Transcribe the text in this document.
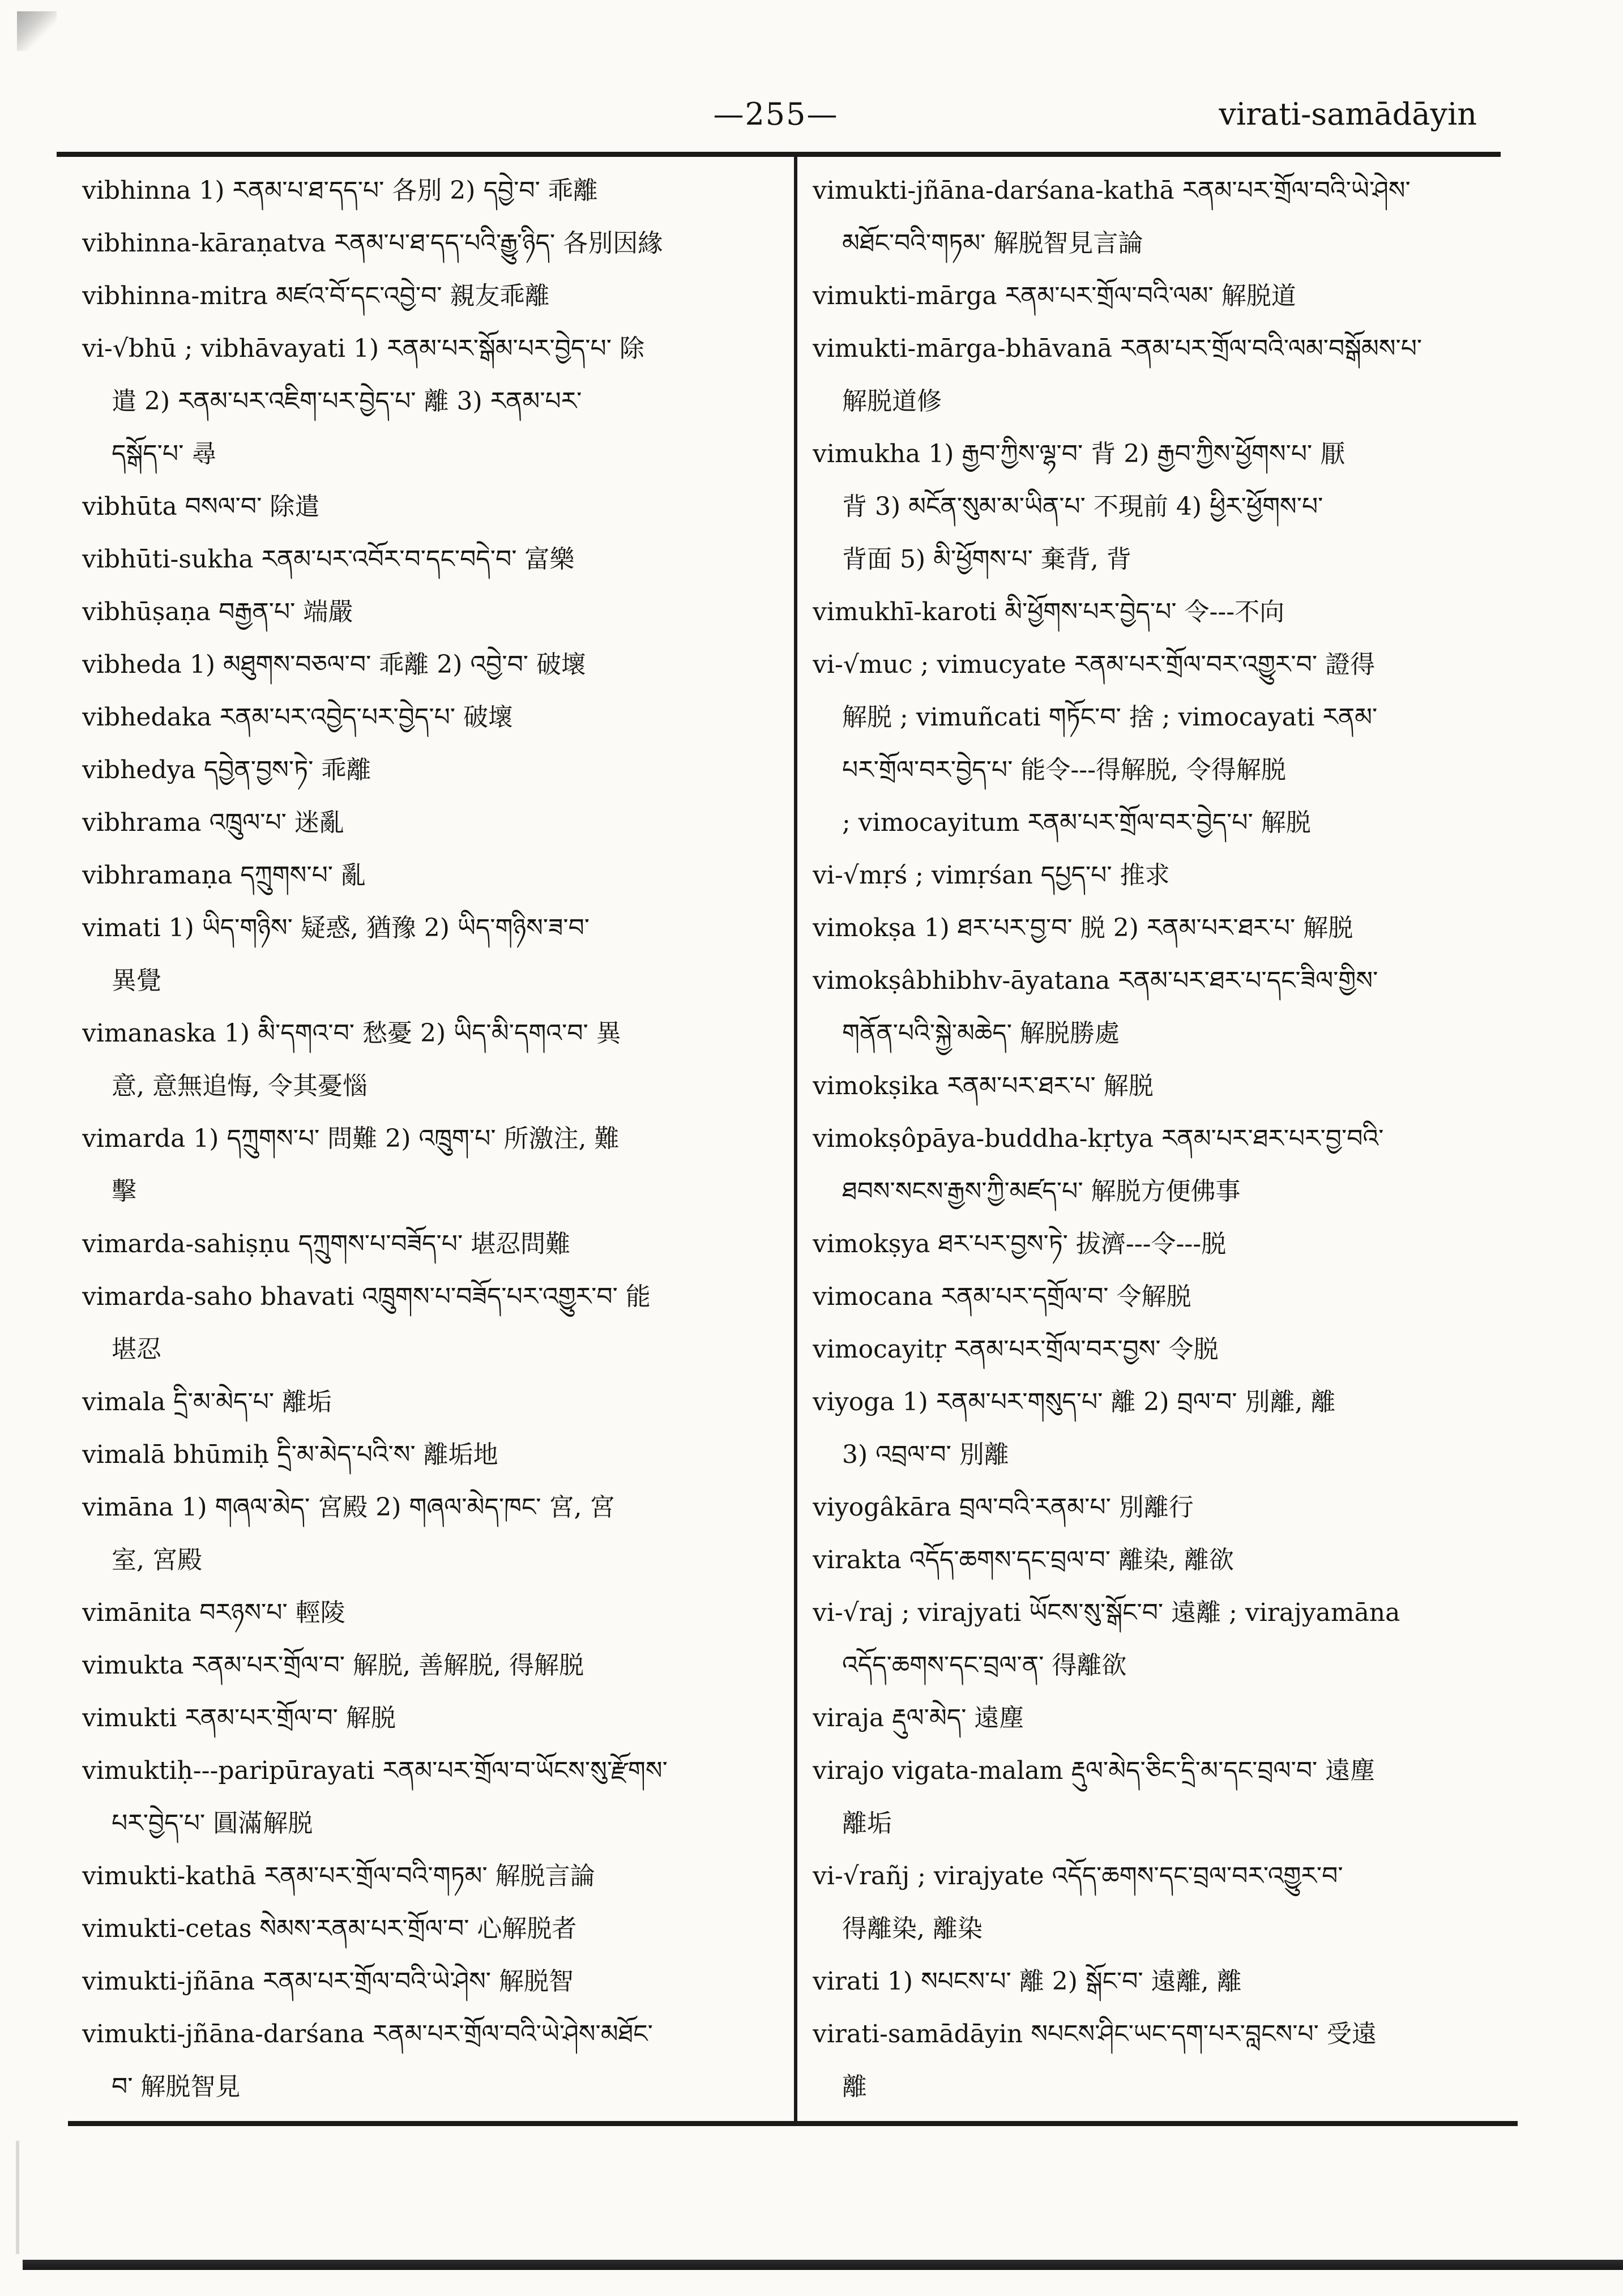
—255—	virati-samādāyin
vibhinna 1) རནམ་པ་ཐ་དད་པ་ 各別 2) དབྱེ་བ་ 乖離
vibhinna-kāraṇatva རནམ་པ་ཐ་དད་པའི་རྒྱུ་ཉིད་ 各別因緣
vibhinna-mitra མཛའ་བོ་དང་འབྱེ་བ་ 親友乖離
vi-√bhū ; vibhāvayati 1) རནམ་པར་སྒོམ་པར་བྱེད་པ་ 除
遣 2) རནམ་པར་འཇིག་པར་བྱེད་པ་ 離 3) རནམ་པར་
དསྒོད་པ་ 尋
vibhūta བསལ་བ་ 除遣
vibhūti-sukha རནམ་པར་འབོར་བ་དང་བདེ་བ་ 富樂
vibhūṣaṇa བརྒྱན་པ་ 端嚴
vibheda 1) མཐུགས་བཅལ་བ་ 乖離 2) འབྱེ་བ་ 破壞
vibhedaka རནམ་པར་འབྱེད་པར་བྱེད་པ་ 破壞
vibhedya དབྱེན་བྱས་ཏེ་ 乖離
vibhrama འཁྲུལ་པ་ 迷亂
vibhramaṇa དཀྲུགས་པ་ 亂
vimati 1) ཡིད་གཉིས་ 疑惑, 猶豫 2) ཡིད་གཉིས་ཟ་བ་
異覺
vimanaska 1) མི་དགའ་བ་ 愁憂 2) ཡིད་མི་དགའ་བ་ 異
意, 意無追悔, 令其憂惱
vimarda 1) དཀྲུགས་པ་ 問難 2) འཁྲུག་པ་ 所激注, 難
擊
vimarda-sahiṣṇu དཀྲུགས་པ་བཟོད་པ་ 堪忍問難
vimarda-saho bhavati འཁྲུགས་པ་བཟོད་པར་འགྱུར་བ་ 能
堪忍
vimala དྲི་མ་མེད་པ་ 離垢
vimalā bhūmiḥ དྲི་མ་མེད་པའི་ས་ 離垢地
vimāna 1) གཞལ་མེད་ 宮殿 2) གཞལ་མེད་ཁང་ 宮, 宮
室, 宮殿
vimānita བརཉས་པ་ 輕陵
vimukta རནམ་པར་གྲོལ་བ་ 解脱, 善解脱, 得解脱
vimukti རནམ་པར་གྲོལ་བ་ 解脱
vimuktiḥ---paripūrayati རནམ་པར་གྲོལ་བ་ཡོངས་སུ་རྫོགས་
པར་བྱེད་པ་ 圓滿解脱
vimukti-kathā རནམ་པར་གྲོལ་བའི་གཏམ་ 解脱言論
vimukti-cetas སེམས་རནམ་པར་གྲོལ་བ་ 心解脱者
vimukti-jñāna རནམ་པར་གྲོལ་བའི་ཡེ་ཤེས་ 解脱智
vimukti-jñāna-darśana རནམ་པར་གྲོལ་བའི་ཡེ་ཤེས་མཐོང་
བ་ 解脱智見
vimukti-jñāna-darśana-kathā རནམ་པར་གྲོལ་བའི་ཡེ་ཤེས་
མཐོང་བའི་གཏམ་ 解脱智見言論
vimukti-mārga རནམ་པར་གྲོལ་བའི་ལམ་ 解脱道
vimukti-mārga-bhāvanā རནམ་པར་གྲོལ་བའི་ལམ་བསྒོམས་པ་
解脱道修
vimukha 1) རྒྱབ་ཀྱིས་ལྷ་བ་ 背 2) རྒྱབ་ཀྱིས་ཕྱོགས་པ་ 厭
背 3) མངོན་སུམ་མ་ཡིན་པ་ 不現前 4) ཕྱིར་ཕྱོགས་པ་
背面 5) མི་ཕྱོགས་པ་ 棄背, 背
vimukhī-karoti མི་ཕྱོགས་པར་བྱེད་པ་ 令---不向
vi-√muc ; vimucyate རནམ་པར་གྲོལ་བར་འགྱུར་བ་ 證得
解脱 ; vimuñcati གཏོང་བ་ 捨 ; vimocayati རནམ་
པར་གྲོལ་བར་བྱེད་པ་ 能令---得解脱, 令得解脱
; vimocayitum རནམ་པར་གྲོལ་བར་བྱེད་པ་ 解脱
vi-√mṛś ; vimṛśan དཔྱད་པ་ 推求
vimokṣa 1) ཐར་པར་བྱ་བ་ 脱 2) རནམ་པར་ཐར་པ་ 解脱
vimokṣâbhibhv-āyatana རནམ་པར་ཐར་པ་དང་ཟིལ་གྱིས་
གནོན་པའི་སྐྱེ་མཆེད་ 解脱勝處
vimokṣika རནམ་པར་ཐར་པ་ 解脱
vimokṣôpāya-buddha-kṛtya རནམ་པར་ཐར་པར་བྱ་བའི་
ཐབས་སངས་རྒྱས་ཀྱི་མཛད་པ་ 解脱方便佛事
vimokṣya ཐར་པར་བྱས་ཏེ་ 拔濟---令---脱
vimocana རནམ་པར་དགྲོལ་བ་ 令解脱
vimocayitṛ རནམ་པར་གྲོལ་བར་བྱས་ 令脱
viyoga 1) རནམ་པར་གསུད་པ་ 離 2) བྲལ་བ་ 別離, 離
3) འབྲལ་བ་ 別離
viyogâkāra བྲལ་བའི་རནམ་པ་ 別離行
virakta འདོད་ཆགས་དང་བྲལ་བ་ 離染, 離欲
vi-√raj ; virajyati ཡོངས་སུ་སྒོང་བ་ 遠離 ; virajyamāna
འདོད་ཆགས་དང་བྲལ་ན་ 得離欲
viraja རྡུལ་མེད་ 遠塵
virajo vigata-malam རྡུལ་མེད་ཅིང་དྲི་མ་དང་བྲལ་བ་ 遠塵
離垢
vi-√rañj ; virajyate འདོད་ཆགས་དང་བྲལ་བར་འགྱུར་བ་
得離染, 離染
virati 1) སཔངས་པ་ 離 2) སྒོང་བ་ 遠離, 離
virati-samādāyin སཔངས་ཤིང་ཡང་དག་པར་བླངས་པ་ 受遠
離
